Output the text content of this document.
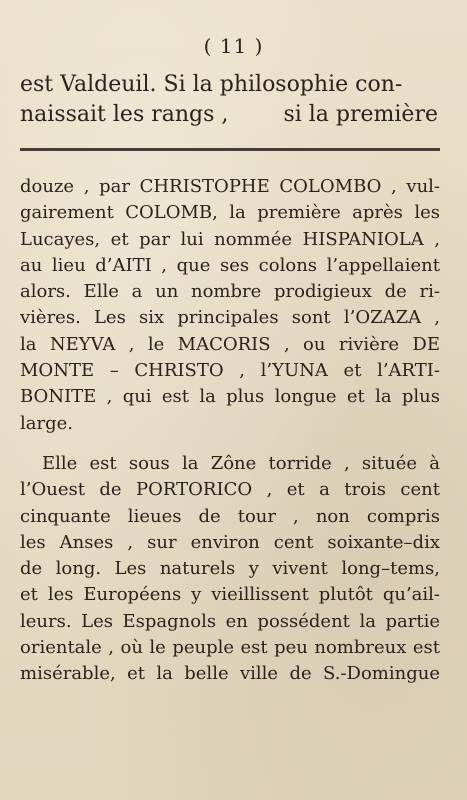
( 11 )
est Valdeuil. Si la philosophie con-
naissait les rangs ,	si la première
douze , par CHRISTOPHE COLOMBO , vul-
gairement COLOMB, la première après les
Lucayes, et par lui nommée HISPANIOLA ,
au lieu d’AITI , que ses colons l’appellaient
alors. Elle a un nombre prodigieux de ri-
vières. Les six principales sont l’OZAZA ,
la NEYVA , le MACORIS , ou rivière DE
MONTE – CHRISTO , l’YUNA et l’ARTI-
BONITE , qui est la plus longue et la plus
large.
Elle est sous la Zône torride , située à
l’Ouest de PORTORICO , et a trois cent
cinquante lieues de tour , non compris
les Anses , sur environ cent soixante–dix
de long. Les naturels y vivent long–tems,
et les Européens y vieillissent plutôt qu’ail-
leurs. Les Espagnols en possédent la partie
orientale , où le peuple est peu nombreux est
misérable, et la belle ville de S.-Domingue
